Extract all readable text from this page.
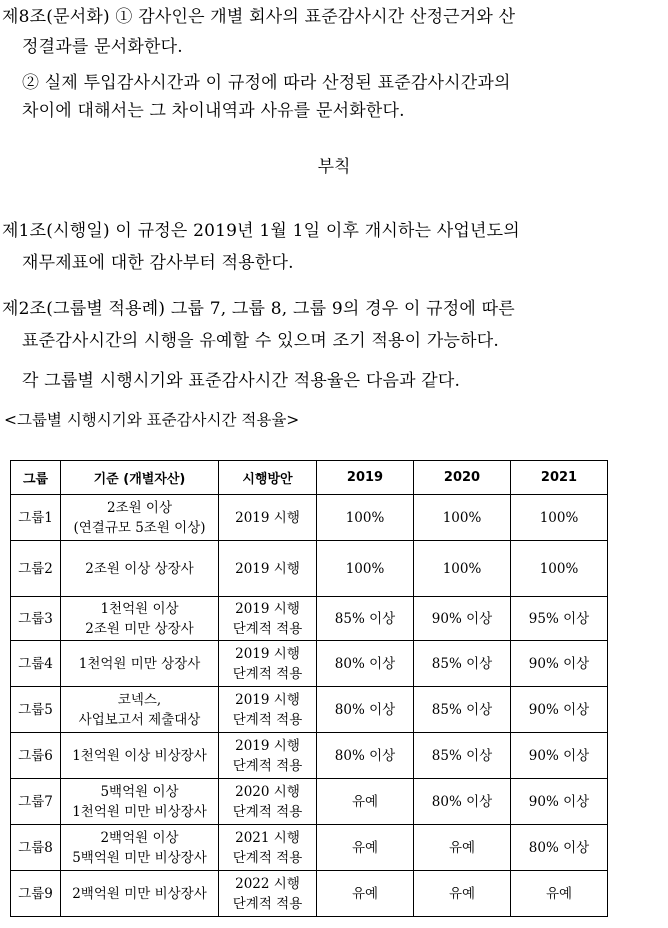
제8조(문서화) ① 감사인은 개별 회사의 표준감사시간 산정근거와 산
정결과를 문서화한다.
② 실제 투입감사시간과 이 규정에 따라 산정된 표준감사시간과의
차이에 대해서는 그 차이내역과 사유를 문서화한다.
부칙
제1조(시행일) 이 규정은 2019년 1월 1일 이후 개시하는 사업년도의
재무제표에 대한 감사부터 적용한다.
제2조(그룹별 적용례) 그룹 7, 그룹 8, 그룹 9의 경우 이 규정에 따른
표준감사시간의 시행을 유예할 수 있으며 조기 적용이 가능하다.
각 그룹별 시행시기와 표준감사시간 적용율은 다음과 같다.
<그룹별 시행시기와 표준감사시간 적용율>
그룹	기준 (개별자산)	시행방안	2019	2020	2021
그룹1	2조원 이상
(연결규모 5조원 이상)	2019 시행	100%	100%	100%
그룹2	2조원 이상 상장사	2019 시행	100%	100%	100%
그룹3	1천억원 이상
2조원 미만 상장사	2019 시행
단계적 적용	85% 이상	90% 이상	95% 이상
그룹4	1천억원 미만 상장사	2019 시행
단계적 적용	80% 이상	85% 이상	90% 이상
그룹5	코넥스,
사업보고서 제출대상	2019 시행
단계적 적용	80% 이상	85% 이상	90% 이상
그룹6	1천억원 이상 비상장사	2019 시행
단계적 적용	80% 이상	85% 이상	90% 이상
그룹7	5백억원 이상
1천억원 미만 비상장사	2020 시행
단계적 적용	유예	80% 이상	90% 이상
그룹8	2백억원 이상
5백억원 미만 비상장사	2021 시행
단계적 적용	유예	유예	80% 이상
그룹9	2백억원 미만 비상장사	2022 시행
단계적 적용	유예	유예	유예
